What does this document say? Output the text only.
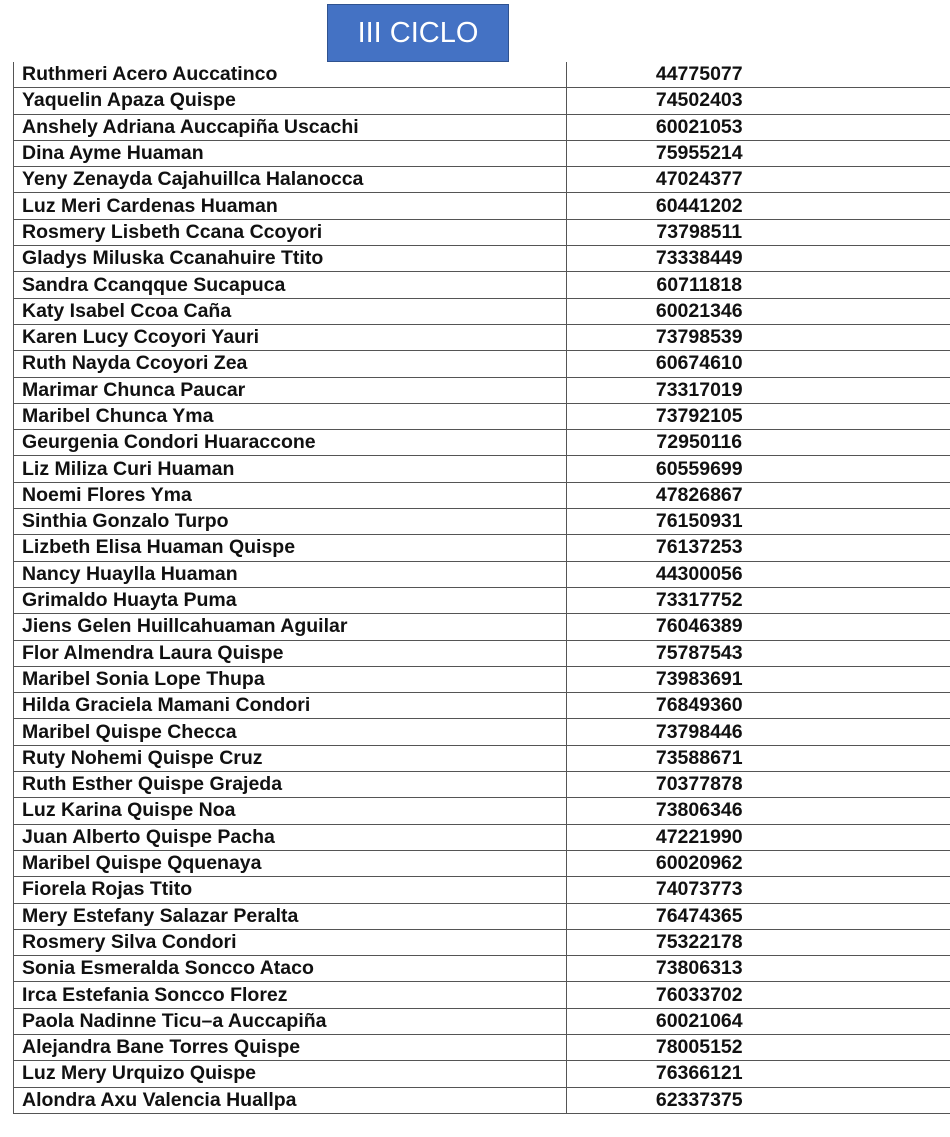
III CICLO
Ruthmeri Acero Auccatinco	44775077
Yaquelin Apaza Quispe	74502403
Anshely Adriana Auccapiña Uscachi	60021053
Dina Ayme Huaman	75955214
Yeny Zenayda Cajahuillca Halanocca	47024377
Luz Meri Cardenas Huaman	60441202
Rosmery Lisbeth Ccana Ccoyori	73798511
Gladys Miluska Ccanahuire Ttito	73338449
Sandra Ccanqque Sucapuca	60711818
Katy Isabel Ccoa Caña	60021346
Karen Lucy Ccoyori Yauri	73798539
Ruth Nayda Ccoyori Zea	60674610
Marimar Chunca Paucar	73317019
Maribel Chunca Yma	73792105
Geurgenia Condori Huaraccone	72950116
Liz Miliza Curi Huaman	60559699
Noemi Flores Yma	47826867
Sinthia Gonzalo Turpo	76150931
Lizbeth Elisa Huaman Quispe	76137253
Nancy Huaylla Huaman	44300056
Grimaldo Huayta Puma	73317752
Jiens Gelen Huillcahuaman Aguilar	76046389
Flor Almendra Laura Quispe	75787543
Maribel Sonia Lope Thupa	73983691
Hilda Graciela Mamani Condori	76849360
Maribel Quispe Checca	73798446
Ruty Nohemi Quispe Cruz	73588671
Ruth Esther Quispe Grajeda	70377878
Luz Karina Quispe Noa	73806346
Juan Alberto Quispe Pacha	47221990
Maribel Quispe Qquenaya	60020962
Fiorela Rojas Ttito	74073773
Mery Estefany Salazar Peralta	76474365
Rosmery Silva Condori	75322178
Sonia Esmeralda Soncco Ataco	73806313
Irca Estefania Soncco Florez	76033702
Paola Nadinne Ticu–a Auccapiña	60021064
Alejandra Bane Torres Quispe	78005152
Luz Mery Urquizo Quispe	76366121
Alondra Axu Valencia Huallpa	62337375
